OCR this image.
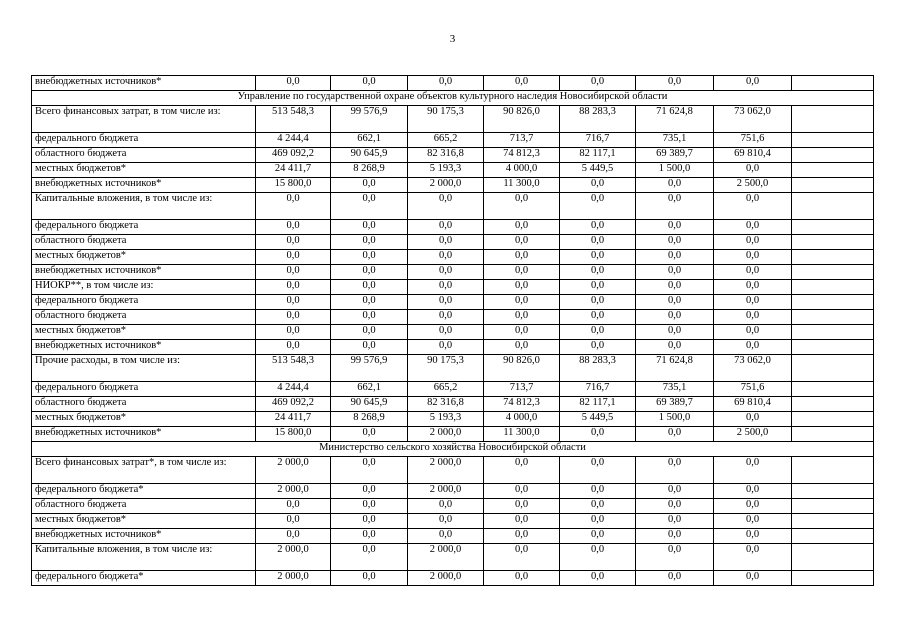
3
внебюджетных источников*	0,0	0,0	0,0	0,0	0,0	0,0	0,0	
Управление по государственной охране объектов культурного наследия Новосибирской области								
Всего финансовых затрат, в том числе из:	513 548,3	99 576,9	90 175,3	90 826,0	88 283,3	71 624,8	73 062,0	
федерального бюджета	4 244,4	662,1	665,2	713,7	716,7	735,1	751,6	
областного бюджета	469 092,2	90 645,9	82 316,8	74 812,3	82 117,1	69 389,7	69 810,4	
местных бюджетов*	24 411,7	8 268,9	5 193,3	4 000,0	5 449,5	1 500,0	0,0	
внебюджетных источников*	15 800,0	0,0	2 000,0	11 300,0	0,0	0,0	2 500,0	
Капитальные вложения, в том числе из:	0,0	0,0	0,0	0,0	0,0	0,0	0,0	
федерального бюджета	0,0	0,0	0,0	0,0	0,0	0,0	0,0	
областного бюджета	0,0	0,0	0,0	0,0	0,0	0,0	0,0	
местных бюджетов*	0,0	0,0	0,0	0,0	0,0	0,0	0,0	
внебюджетных источников*	0,0	0,0	0,0	0,0	0,0	0,0	0,0	
НИОКР**, в том числе из:	0,0	0,0	0,0	0,0	0,0	0,0	0,0	
федерального бюджета	0,0	0,0	0,0	0,0	0,0	0,0	0,0	
областного бюджета	0,0	0,0	0,0	0,0	0,0	0,0	0,0	
местных бюджетов*	0,0	0,0	0,0	0,0	0,0	0,0	0,0	
внебюджетных источников*	0,0	0,0	0,0	0,0	0,0	0,0	0,0	
Прочие расходы, в том числе из:	513 548,3	99 576,9	90 175,3	90 826,0	88 283,3	71 624,8	73 062,0	
федерального бюджета	4 244,4	662,1	665,2	713,7	716,7	735,1	751,6	
областного бюджета	469 092,2	90 645,9	82 316,8	74 812,3	82 117,1	69 389,7	69 810,4	
местных бюджетов*	24 411,7	8 268,9	5 193,3	4 000,0	5 449,5	1 500,0	0,0	
внебюджетных источников*	15 800,0	0,0	2 000,0	11 300,0	0,0	0,0	2 500,0	
Министерство сельского хозяйства Новосибирской области								
Всего финансовых затрат*, в том числе из:	2 000,0	0,0	2 000,0	0,0	0,0	0,0	0,0	
федерального бюджета*	2 000,0	0,0	2 000,0	0,0	0,0	0,0	0,0	
областного бюджета	0,0	0,0	0,0	0,0	0,0	0,0	0,0	
местных бюджетов*	0,0	0,0	0,0	0,0	0,0	0,0	0,0	
внебюджетных источников*	0,0	0,0	0,0	0,0	0,0	0,0	0,0	
Капитальные вложения, в том числе из:	2 000,0	0,0	2 000,0	0,0	0,0	0,0	0,0	
федерального бюджета*	2 000,0	0,0	2 000,0	0,0	0,0	0,0	0,0	
